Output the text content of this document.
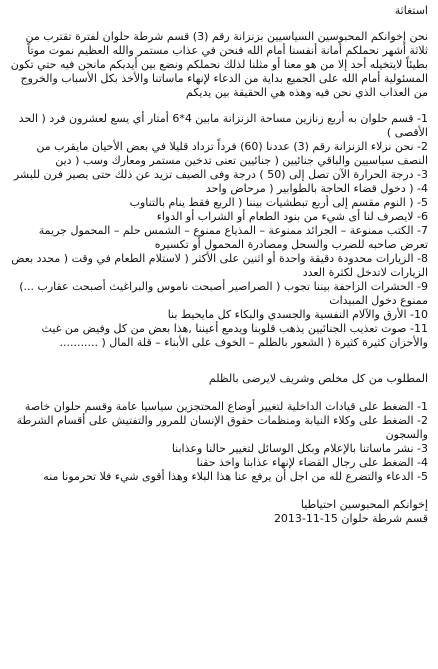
استغاثة

نحن إخوانكم المحبوسين السياسيين بزنزانة رقم (3) قسم شرطة حلوان لفترة تقترب من ثلاثة أشهر نحملكم أمانة أنفسنا أمام الله فنحن في عذاب مستمر والله العظيم نموت موتاً بطيئاً لايتخيله أحد إلا من هو معنا أو مثلنا لذلك نحملكم ونضع بين أيديكم مانحن فيه حتي تكون المسئولية أمام الله على الجميع بداية من الدعاء لإنهاء ماساتنا والأخذ بكل الأسباب والخروج من العذاب الذي نحن فيه وهذه هي الحقيقة بين يديكم

1- قسم حلوان به أربع زنازين مساحة الزنزانة مابين 4*6 أمتار أي يسع لعشرون فرد ( الحد الأقصى )

2- نحن نزلاء الزنزانة رقم (3) عددنا (60) فرداً تزداد قليلا في بعض الأحيان مايقرب من النصف سياسيين والباقي جنائيين ( جنائيين تعنى تدخين مستمر ومعارك وسب ( دين

3- درجة الحرارة الآن تصل إلى (50 ) درجة وفى الصيف تزيد عن ذلك حتى يصير فرن للبشر

4- ( دخول قضاء الحاجة بالطوابير ( مرحاض واحد

5- ( النوم مقسم إلى أربع تبطشيات بيننا ( الربع فقط ينام بالتناوب

6- لايصرف لنا أى شيء من بنود الطعام أو الشراب أو الدواء

7- الكتب ممنوعة – الجرائد ممنوعة – المذياع ممنوع – الشمس حلم – المحمول جريمة تعرض صاحبه للضرب والسحل ومصادرة المحمول أو تكسيره

8- الزيارات محدودة دقيقة واحدة أو اثنين على الأكثر ( لاستلام الطعام في وقت ( محدد بعض الزيارات لاتدخل لكثرة العدد

9- الحشرات الزاحفة بيننا تجوب ( الصراصير أصبحت ناموس والبراغيث أصبحت عقارب ...) ممنوع دخول المبيدات

10- الأرق والآلام النفسية والجسدي والبكاء كل مايحيط بنا

11- صوت تعذيب الجنائيين يذهب قلوبنا ويدمع أعيننا ,هذا بعض من كل وفيض من غيث والأحزان كثيرة كثيرة ( الشعور بالظلم – الخوف على الأبناء – قلة المال ( ...........

المطلوب من كل مخلص وشريف لايرضى بالظلم

1- الضغط على قيادات الداخلية لتغيير أوضاع المحتجزين سياسيا عامة وقسم حلوان خاصة

2- الضغط على وكلاء النيابة ومنظمات حقوق الإنسان للمرور والتفتيش على أقسام الشرطة والسجون

3- نشر ماساتنا بالإعلام وبكل الوسائل لتغيير حالنا وعذابنا

4- الضغط على رجال القضاء لإنهاء عذابنا واخذ حقنا

5- الدعاء والتضرع لله من اجل أن يرفع عنا هذا البلاء وهذا أقوى شيء فلا تحرمونا منه

إخوانكم المحبوسين احتياطيا

قسم شرطة حلوان 15-11-2013
